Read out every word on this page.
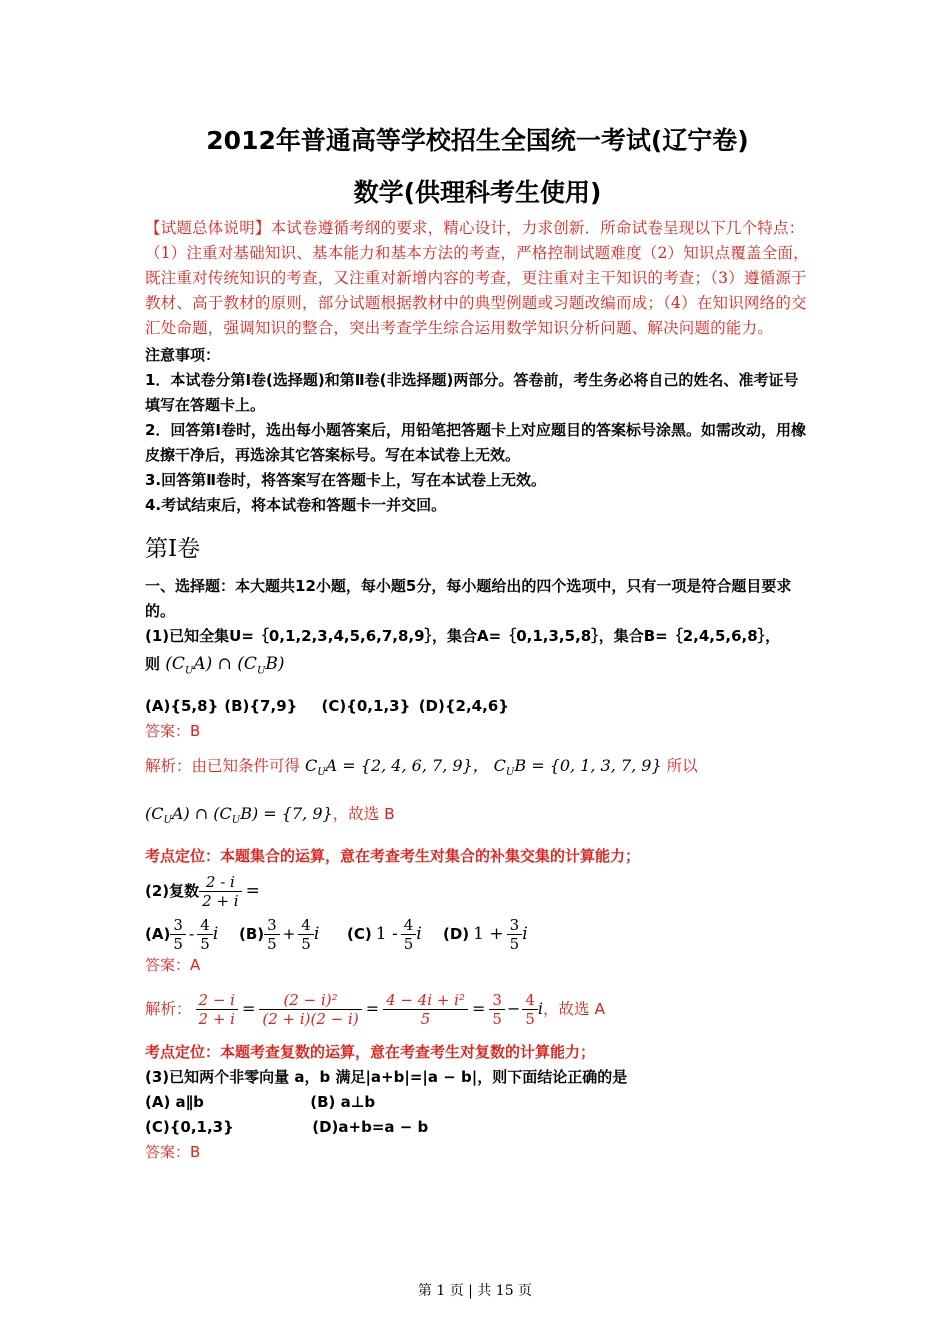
2012年普通高等学校招生全国统一考试(辽宁卷)

数学(供理科考生使用)

【试题总体说明】本试卷遵循考纲的要求，精心设计，力求创新．所命试卷呈现以下几个特点：（1）注重对基础知识、基本能力和基本方法的考查，严格控制试题难度（2）知识点覆盖全面，既注重对传统知识的考查，又注重对新增内容的考查，更注重对主干知识的考查；（3）遵循源于教材、高于教材的原则，部分试题根据教材中的典型例题或习题改编而成；（4）在知识网络的交汇处命题，强调知识的整合，突出考查学生综合运用数学知识分析问题、解决问题的能力。

注意事项：

1．本试卷分第Ⅰ卷(选择题)和第Ⅱ卷(非选择题)两部分。答卷前，考生务必将自己的姓名、准考证号填写在答题卡上。

2．回答第Ⅰ卷时，选出每小题答案后，用铅笔把答题卡上对应题目的答案标号涂黑。如需改动，用橡皮擦干净后，再选涂其它答案标号。写在本试卷上无效。

3.回答第Ⅱ卷时，将答案写在答题卡上，写在本试卷上无效。

4.考试结束后，将本试卷和答题卡一并交回。

第Ⅰ卷

一、选择题：本大题共12小题，每小题5分，每小题给出的四个选项中，只有一项是符合题目要求的。

(1)已知全集U=｛0,1,2,3,4,5,6,7,8,9｝，集合A=｛0,1,3,5,8｝，集合B=｛2,4,5,6,8｝，

则 $(C_UA)$ ∩ $(C_UB)$

(A){5,8} (B){7,9} (C){0,1,3} (D){2,4,6}

答案：B

解析：由已知条件可得 $C_UA = \{2$, 4, 6, 7, 9}， $C_UB = \{0$, 1, 3, 7, 9} 所以

$(C_UA)$ ∩ $(C_UB) = \{7$, 9}，故选 B

考点定位：本题集合的运算，意在考查考生对集合的补集交集的计算能力；

(2)复数 $\frac{2 - i}{2 + i}$ =

$(A) \frac{3}{5} - \frac{4}{5}$ i $(B) \frac{3}{5} + \frac{4}{5}$ i (C) $1 - \frac{4}{5}$ i (D) $1 + \frac{3}{5}$ i

答案：A

解析： $\frac{2 - i}{2 + i} = \frac{\text{(2 − i)²}}{(2 + i)(2 - i)} = \frac{\text{4 − 4i + i²}}{5} = \frac{3}{5} - \frac{4}{5}$ i ，故选 A

考点定位：本题考查复数的运算，意在考查考生对复数的计算能力；

(3)已知两个非零向量 a，b 满足|a+b|=|a − b|，则下面结论正确的是

(A) a∥b	(B) a⊥b

(C){0,1,3}	(D)a+b=a − b

答案：B

第 1 页 | 共 15 页
